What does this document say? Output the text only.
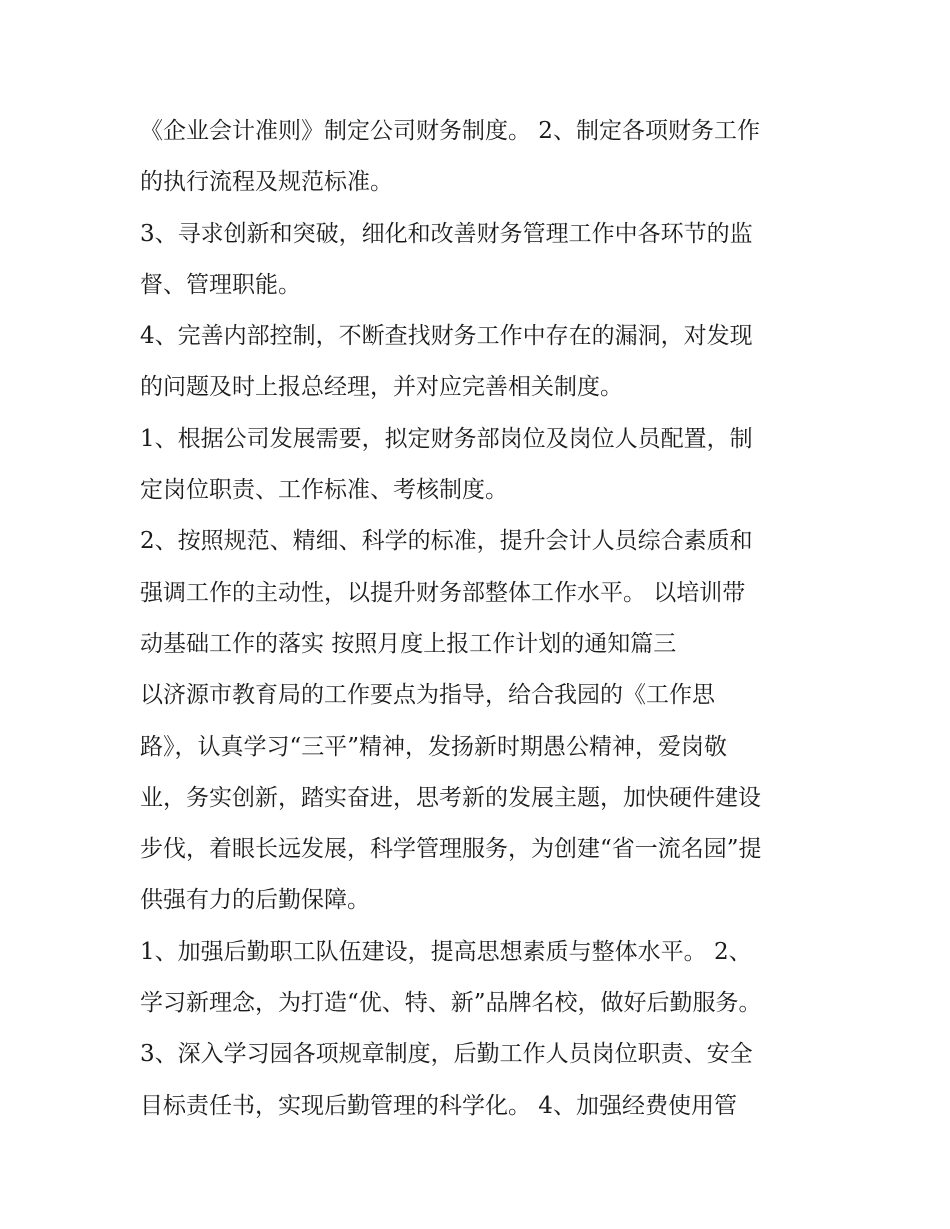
《企业会计准则》制定公司财务制度。 2、制定各项财务工作
的执行流程及规范标准。
3、寻求创新和突破，细化和改善财务管理工作中各环节的监
督、管理职能。
4、完善内部控制，不断查找财务工作中存在的漏洞，对发现
的问题及时上报总经理，并对应完善相关制度。
1、根据公司发展需要，拟定财务部岗位及岗位人员配置，制
定岗位职责、工作标准、考核制度。
2、按照规范、精细、科学的标准，提升会计人员综合素质和
强调工作的主动性，以提升财务部整体工作水平。 以培训带
动基础工作的落实 按照月度上报工作计划的通知篇三
以济源市教育局的工作要点为指导，给合我园的《工作思
路》，认真学习“三平”精神，发扬新时期愚公精神，爱岗敬
业，务实创新，踏实奋进，思考新的发展主题，加快硬件建设
步伐，着眼长远发展，科学管理服务，为创建“省一流名园”提
供强有力的后勤保障。
1、加强后勤职工队伍建设，提高思想素质与整体水平。 2、
学习新理念，为打造“优、特、新”品牌名校，做好后勤服务。
3、深入学习园各项规章制度，后勤工作人员岗位职责、安全
目标责任书，实现后勤管理的科学化。 4、加强经费使用管
